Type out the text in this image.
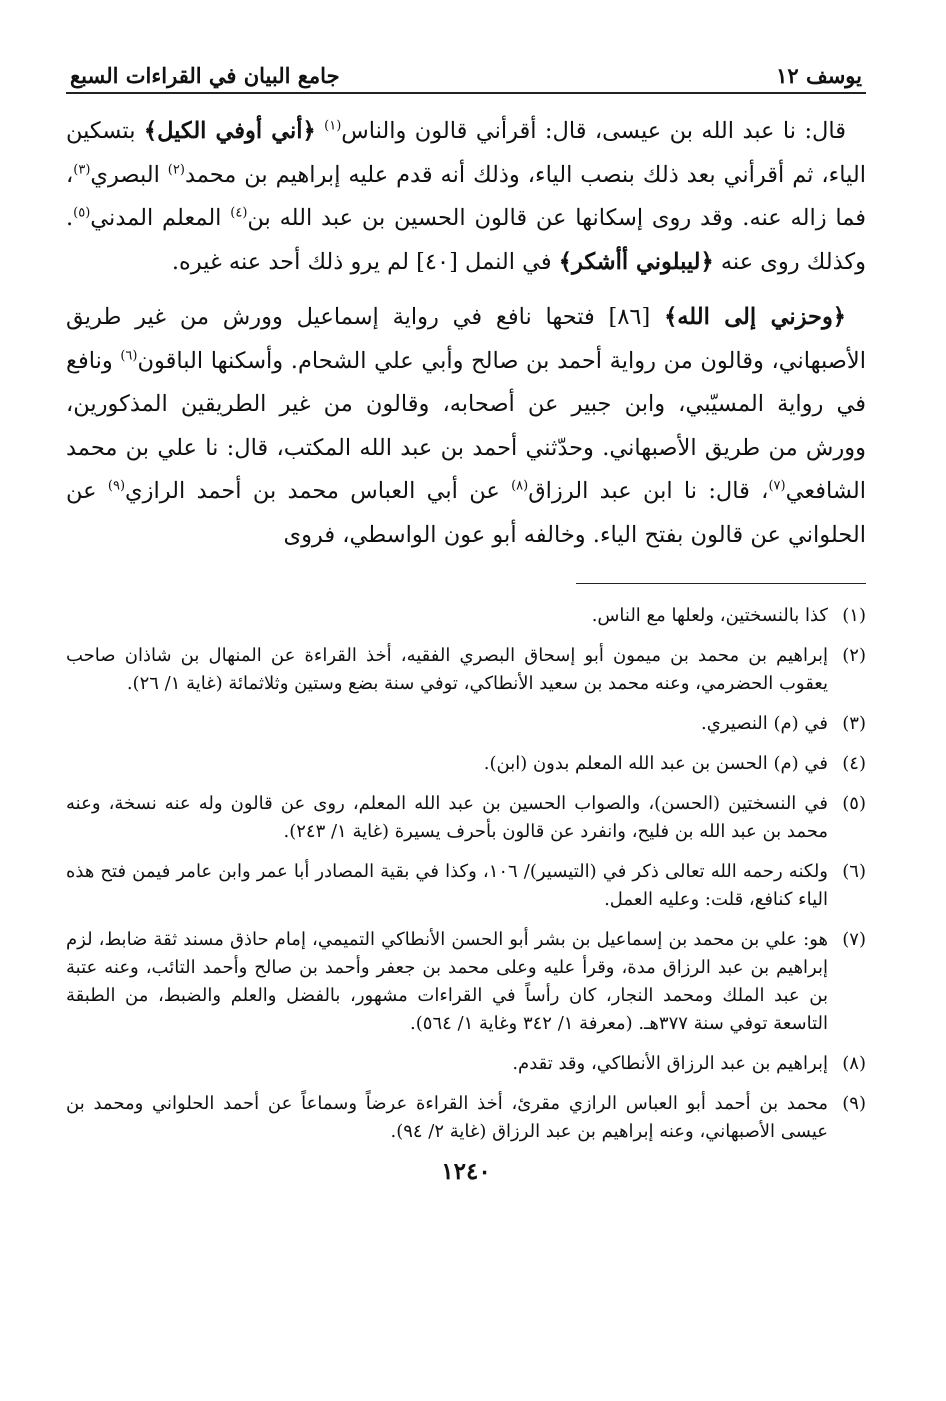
يوسف ١٢
جامع البيان في القراءات السبع

قال: نا عبد الله بن عيسى، قال: أقرأني قالون والناس$^{(١)}$ ﴿أني أوفي الكيل﴾ بتسكين الياء، ثم أقرأني بعد ذلك بنصب الياء، وذلك أنه قدم عليه إبراهيم بن محمد$^{(٢)}$ البصري$^{(٣)}$، فما زاله عنه. وقد روى إسكانها عن قالون الحسين بن عبد الله بن$^{(٤)}$ المعلم المدني$^{(٥)}$. وكذلك روى عنه ﴿ليبلوني أأشكر﴾ في النمل [٤٠] لم يرو ذلك أحد عنه غيره.

﴿وحزني إلى الله﴾ [٨٦] فتحها نافع في رواية إسماعيل وورش من غير طريق الأصبهاني، وقالون من رواية أحمد بن صالح وأبي علي الشحام. وأسكنها الباقون$^{(٦)}$ ونافع في رواية المسيّبي، وابن جبير عن أصحابه، وقالون من غير الطريقين المذكورين، وورش من طريق الأصبهاني. وحدّثني أحمد بن عبد الله المكتب، قال: نا علي بن محمد الشافعي$^{(٧)}$، قال: نا ابن عبد الرزاق$^{(٨)}$ عن أبي العباس محمد بن أحمد الرازي$^{(٩)}$ عن الحلواني عن قالون بفتح الياء. وخالفه أبو عون الواسطي، فروى

(١)
كذا بالنسختين، ولعلها مع الناس.
(٢)
إبراهيم بن محمد بن ميمون أبو إسحاق البصري الفقيه، أخذ القراءة عن المنهال بن شاذان صاحب يعقوب الحضرمي، وعنه محمد بن سعيد الأنطاكي، توفي سنة بضع وستين وثلاثمائة (غاية ١/ ٢٦).
(٣)
في (م) النصيري.
(٤)
في (م) الحسن بن عبد الله المعلم بدون (ابن).
(٥)
في النسختين (الحسن)، والصواب الحسين بن عبد الله المعلم، روى عن قالون وله عنه نسخة، وعنه محمد بن عبد الله بن فليح، وانفرد عن قالون بأحرف يسيرة (غاية ١/ ٢٤٣).
(٦)
ولكنه رحمه الله تعالى ذكر في (التيسير)/ ١٠٦، وكذا في بقية المصادر أبا عمر وابن عامر فيمن فتح هذه الياء كنافع، قلت: وعليه العمل.
(٧)
هو: علي بن محمد بن إسماعيل بن بشر أبو الحسن الأنطاكي التميمي، إمام حاذق مسند ثقة ضابط، لزم إبراهيم بن عبد الرزاق مدة، وقرأ عليه وعلى محمد بن جعفر وأحمد بن صالح وأحمد التائب، وعنه عتبة بن عبد الملك ومحمد النجار، كان رأساً في القراءات مشهور، بالفضل والعلم والضبط، من الطبقة التاسعة توفي سنة ٣٧٧هـ. (معرفة ١/ ٣٤٢ وغاية ١/ ٥٦٤).
(٨)
إبراهيم بن عبد الرزاق الأنطاكي، وقد تقدم.
(٩)
محمد بن أحمد أبو العباس الرازي مقرئ، أخذ القراءة عرضاً وسماعاً عن أحمد الحلواني ومحمد بن عيسى الأصبهاني، وعنه إبراهيم بن عبد الرزاق (غاية ٢/ ٩٤).
١٢٤٠
